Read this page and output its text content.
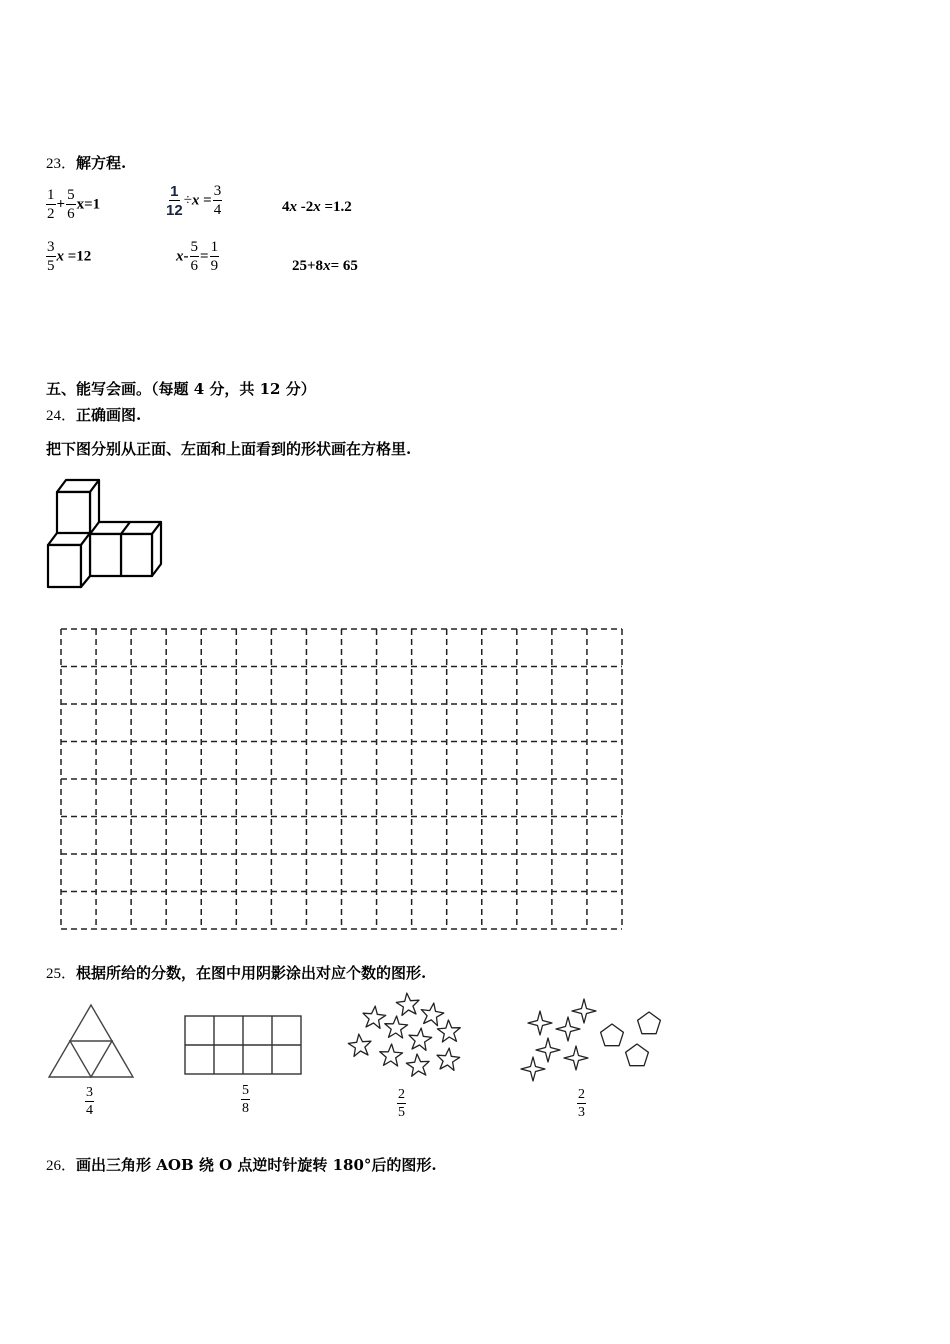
23．解方程.
$\frac{1}{2} + \frac{5}{6} x=1$	$\frac{1}{12} \div x = \frac{3}{4}$	4x -2x =1.2
$\frac{3}{5}$ x =12	$x- \frac{5}{6} = \frac{1}{9}$	25+8x= 65
五、能写会画。（每题 4 分，共 12 分）
24．正确画图.
把下图分别从正面、左面和上面看到的形状画在方格里.
25．根据所给的分数，在图中用阴影涂出对应个数的图形.
$\frac{3}{4}$	$\frac{5}{8}$	$\frac{2}{5}$	$\frac{2}{3}$
26．画出三角形 AOB 绕 O 点逆时针旋转 180°后的图形.
